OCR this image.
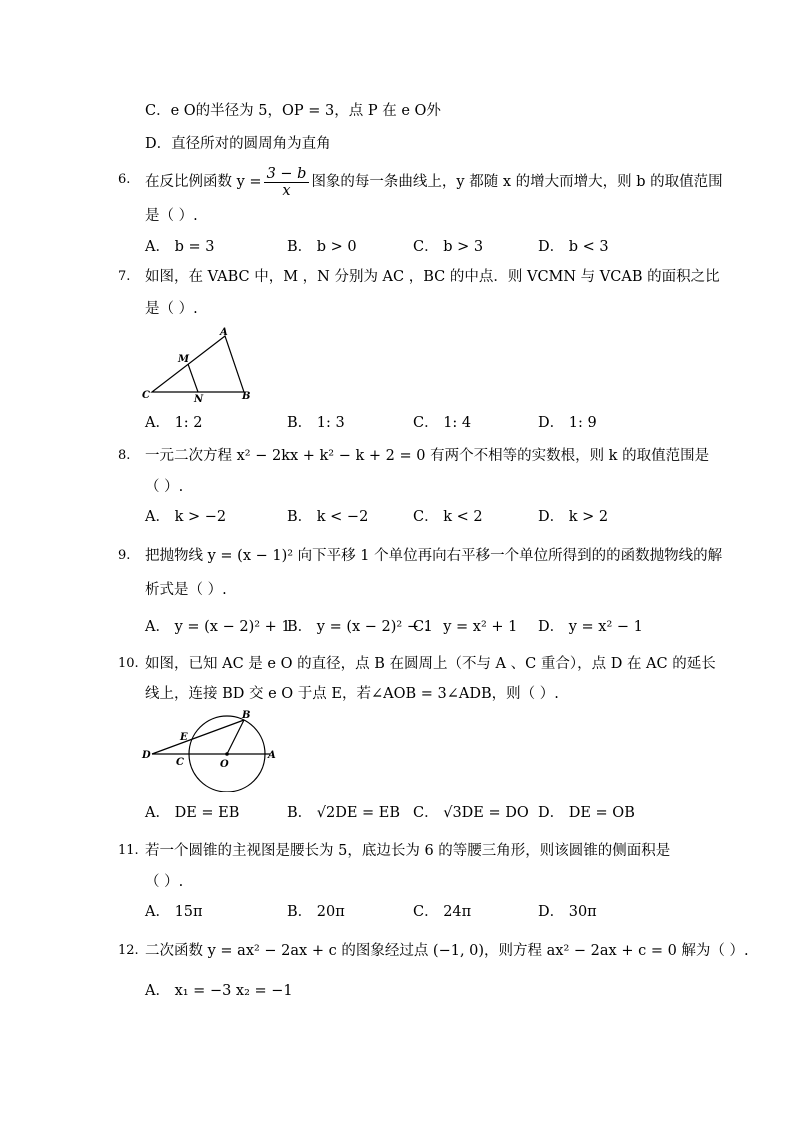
C．e O的半径为 5，OP = 3，点 P 在 e O外
D．直径所对的圆周角为直角
6. 在反比例函数 $y = \frac{3 - b}{x}$ 图象的每一条曲线上，y 都随 x 的增大而增大，则 b 的取值范围
是（ ）.
A． b = 3	B． b > 0	C． b > 3	D． b < 3
7. 如图，在 VABC 中，M ，N 分别为 AC ，BC 的中点．则 VCMN 与 VCAB 的面积之比
是（ ）.
A
M
C	N	B
A． 1: 2	B． 1: 3	C． 1: 4	D． 1: 9
8. 一元二次方程 x² − 2kx + k² − k + 2 = 0 有两个不相等的实数根，则 k 的取值范围是
（ ）.
A． k > −2	B． k < −2	C． k < 2	D． k > 2
9. 把抛物线 y = (x − 1)² 向下平移 1 个单位再向右平移一个单位所得到的的函数抛物线的解
析式是（ ）.
A． y = (x − 2)² + 1
B． y = (x − 2)² − 1
C． y = x² + 1 D． y = x² − 1
10. 如图，已知 AC 是 e O 的直径，点 B 在圆周上（不与 A 、C 重合），点 D 在 AC 的延长
线上，连接 BD 交 e O 于点 E，若∠AOB = 3∠ADB，则（ ）.
B
E
D
C	O
A
A． DE = EB	B． √2DE = EB C． √3DE = DO D． DE = OB
11. 若一个圆锥的主视图是腰长为 5，底边长为 6 的等腰三角形，则该圆锥的侧面积是
（ ）.
A． 15π	B． 20π	C． 24π	D． 30π
12. 二次函数 y = ax² − 2ax + c 的图象经过点 (−1, 0)，则方程 ax² − 2ax + c = 0 解为（ ）.
A． x₁ = −3 x₂ = −1
